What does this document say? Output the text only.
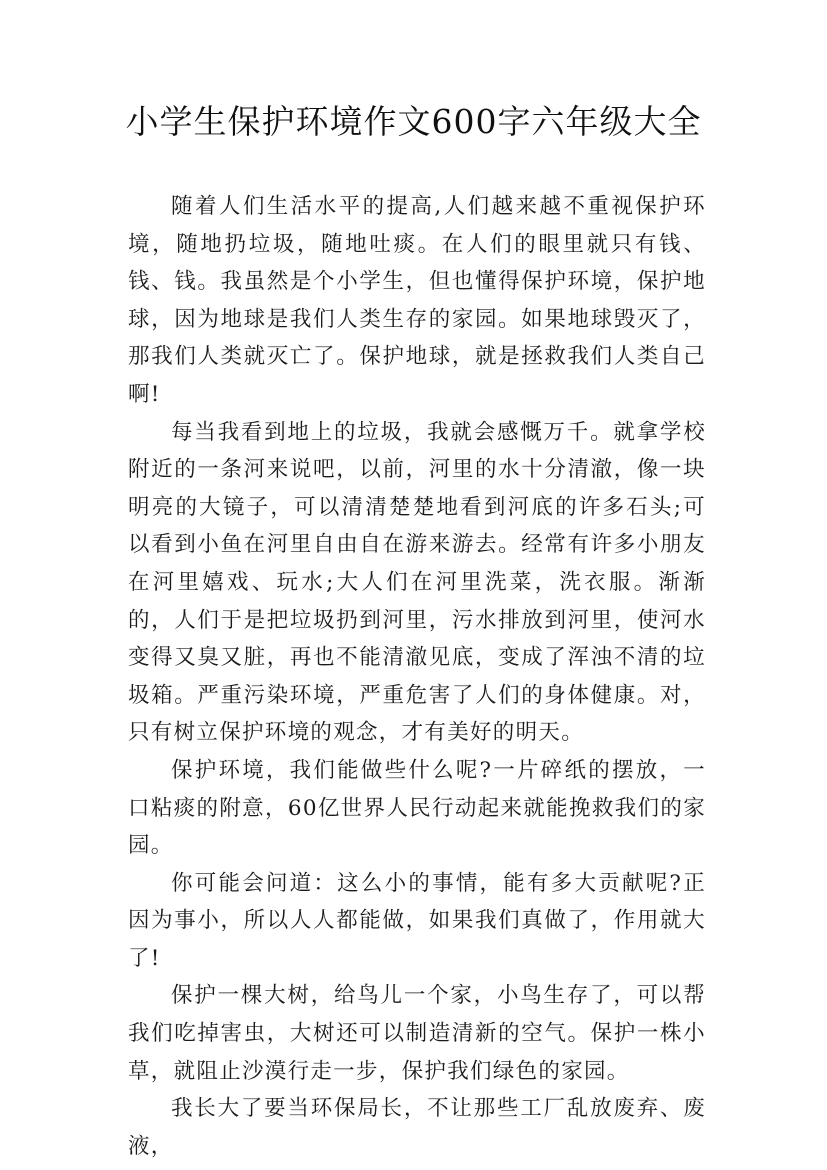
小学生保护环境作文600字六年级大全

随着人们生活水平的提高,人们越来越不重视保护环境，随地扔垃圾，随地吐痰。在人们的眼里就只有钱、钱、钱。我虽然是个小学生，但也懂得保护环境，保护地球，因为地球是我们人类生存的家园。如果地球毁灭了，那我们人类就灭亡了。保护地球，就是拯救我们人类自己啊!

每当我看到地上的垃圾，我就会感慨万千。就拿学校附近的一条河来说吧，以前，河里的水十分清澈，像一块明亮的大镜子，可以清清楚楚地看到河底的许多石头;可以看到小鱼在河里自由自在游来游去。经常有许多小朋友在河里嬉戏、玩水;大人们在河里洗菜，洗衣服。渐渐的，人们于是把垃圾扔到河里，污水排放到河里，使河水变得又臭又脏，再也不能清澈见底，变成了浑浊不清的垃圾箱。严重污染环境，严重危害了人们的身体健康。对，只有树立保护环境的观念，才有美好的明天。

保护环境，我们能做些什么呢?一片碎纸的摆放，一口粘痰的附意，60亿世界人民行动起来就能挽救我们的家园。

你可能会问道：这么小的事情，能有多大贡献呢?正因为事小，所以人人都能做，如果我们真做了，作用就大了!

保护一棵大树，给鸟儿一个家，小鸟生存了，可以帮我们吃掉害虫，大树还可以制造清新的空气。保护一株小草，就阻止沙漠行走一步，保护我们绿色的家园。

我长大了要当环保局长，不让那些工厂乱放废弃、废液，
